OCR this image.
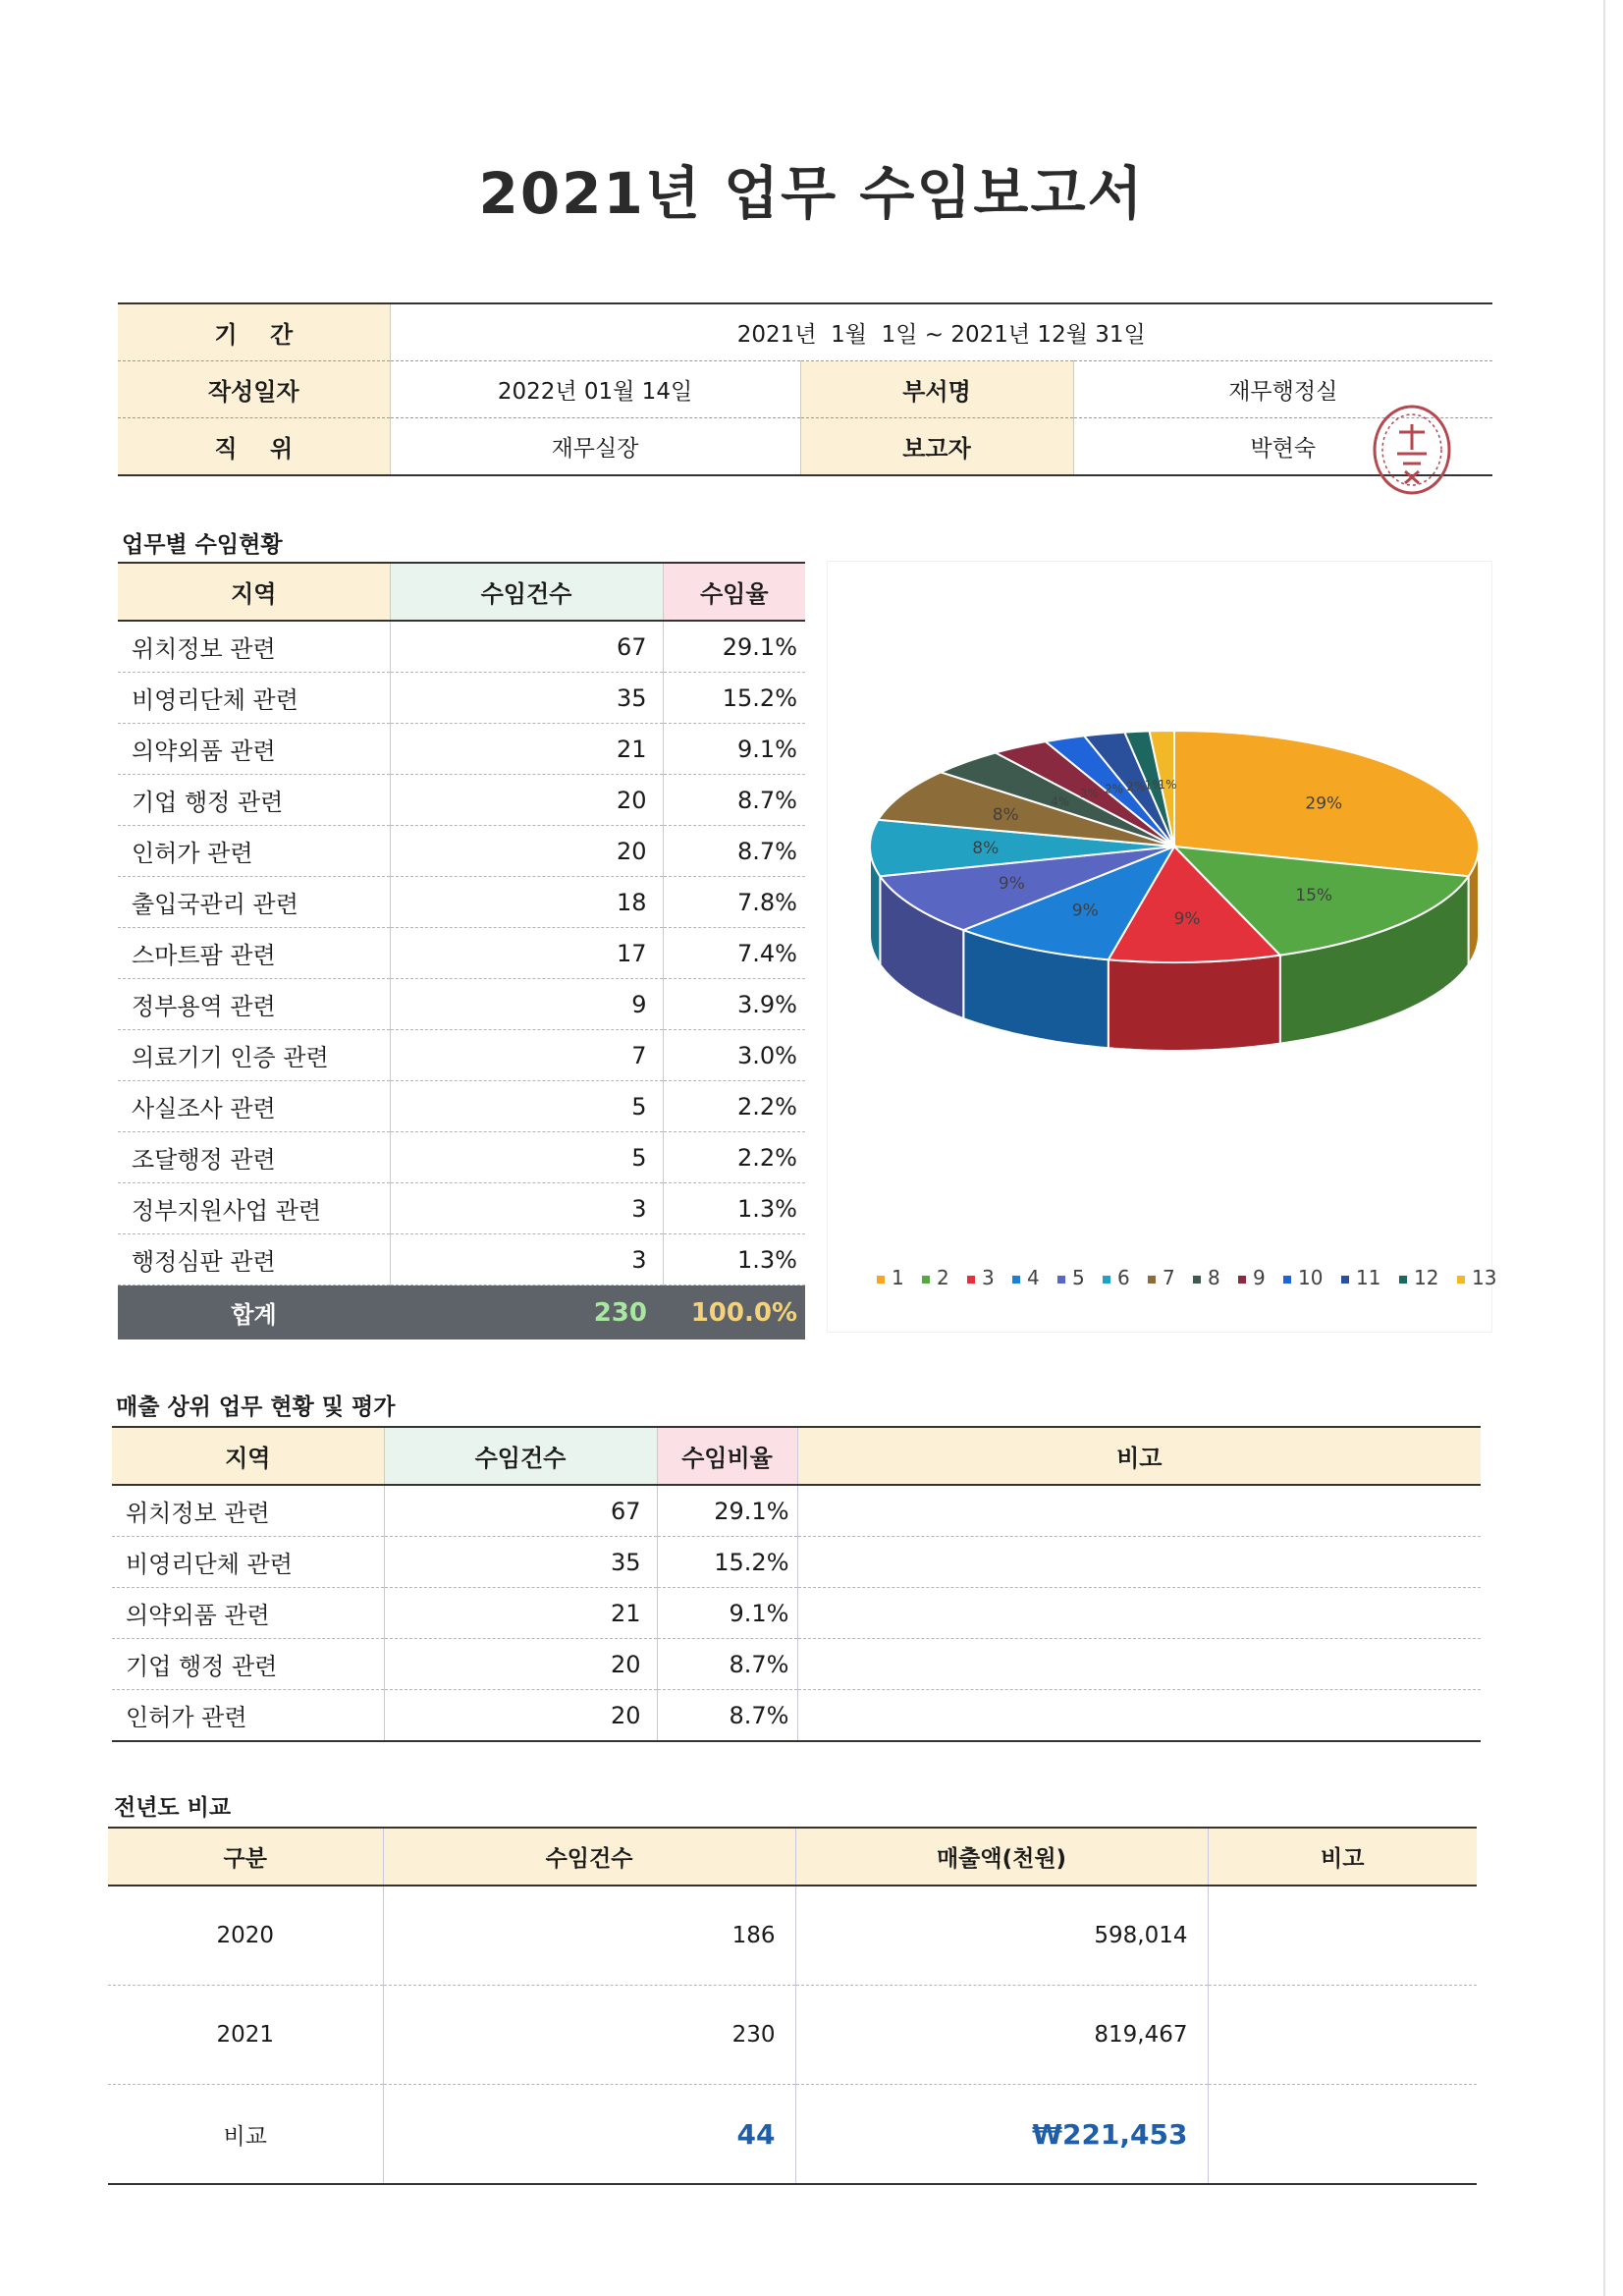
2021년 업무 수임보고서
기    간	2021년  1월  1일 ~ 2021년 12월 31일		
작성일자	2022년 01월 14일	부서명	재무행정실
직    위	재무실장	보고자	박현숙
업무별 수임현황
지역	수임건수	수임율
위치정보 관련	67	29.1%
비영리단체 관련	35	15.2%
의약외품 관련	21	9.1%
기업 행정 관련	20	8.7%
인허가 관련	20	8.7%
출입국관리 관련	18	7.8%
스마트팜 관련	17	7.4%
정부용역 관련	9	3.9%
의료기기 인증 관련	7	3.0%
사실조사 관련	5	2.2%
조달행정 관련	5	2.2%
정부지원사업 관련	3	1.3%
행정심판 관련	3	1.3%
합계	230	100.0%
29%
15%
9%
9%
9%
8%
8%
4%
3% 2% 2% 1%
1%
1 2 3 4 5 6 7 8 9 10 11 12 13
매출 상위 업무 현황 및 평가
지역	수임건수	수임비율	비고
위치정보 관련	67	29.1%	
비영리단체 관련	35	15.2%	
의약외품 관련	21	9.1%	
기업 행정 관련	20	8.7%	
인허가 관련	20	8.7%	
전년도 비교
구분	수임건수	매출액(천원)	비고
2020	186	598,014	
2021	230	819,467	
비교	44	₩221,453	
